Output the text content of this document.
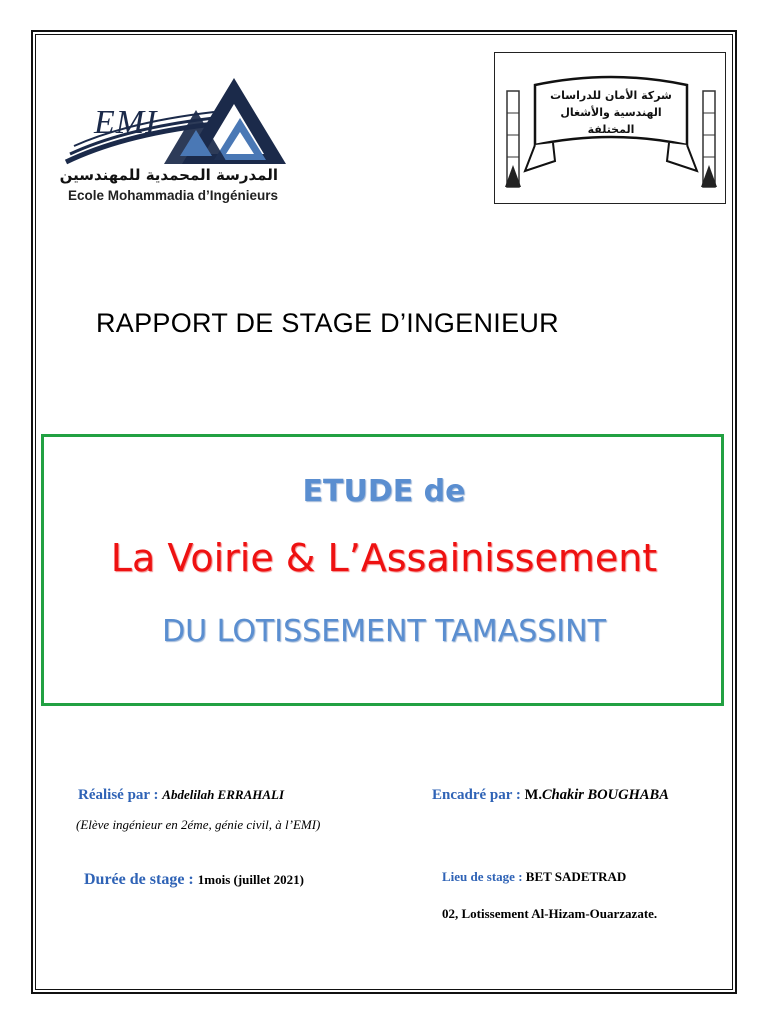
EMI
المدرسة المحمدية للمهندسين
Ecole Mohammadia d’Ingénieurs
شركة الأمان للدراسات
الهندسية والأشغال المختلفة
RAPPORT DE STAGE D’INGENIEUR
ETUDE de
La Voirie & L’Assainissement
DU LOTISSEMENT TAMASSINT
Réalisé par : Abdelilah ERRAHALI
(Elève ingénieur en 2éme, génie civil, à l’EMI)
Encadré par : M.Chakir BOUGHABA
Durée de stage : 1mois (juillet 2021)	Lieu de stage : BET SADETRAD
02, Lotissement Al-Hizam-Ouarzazate.
